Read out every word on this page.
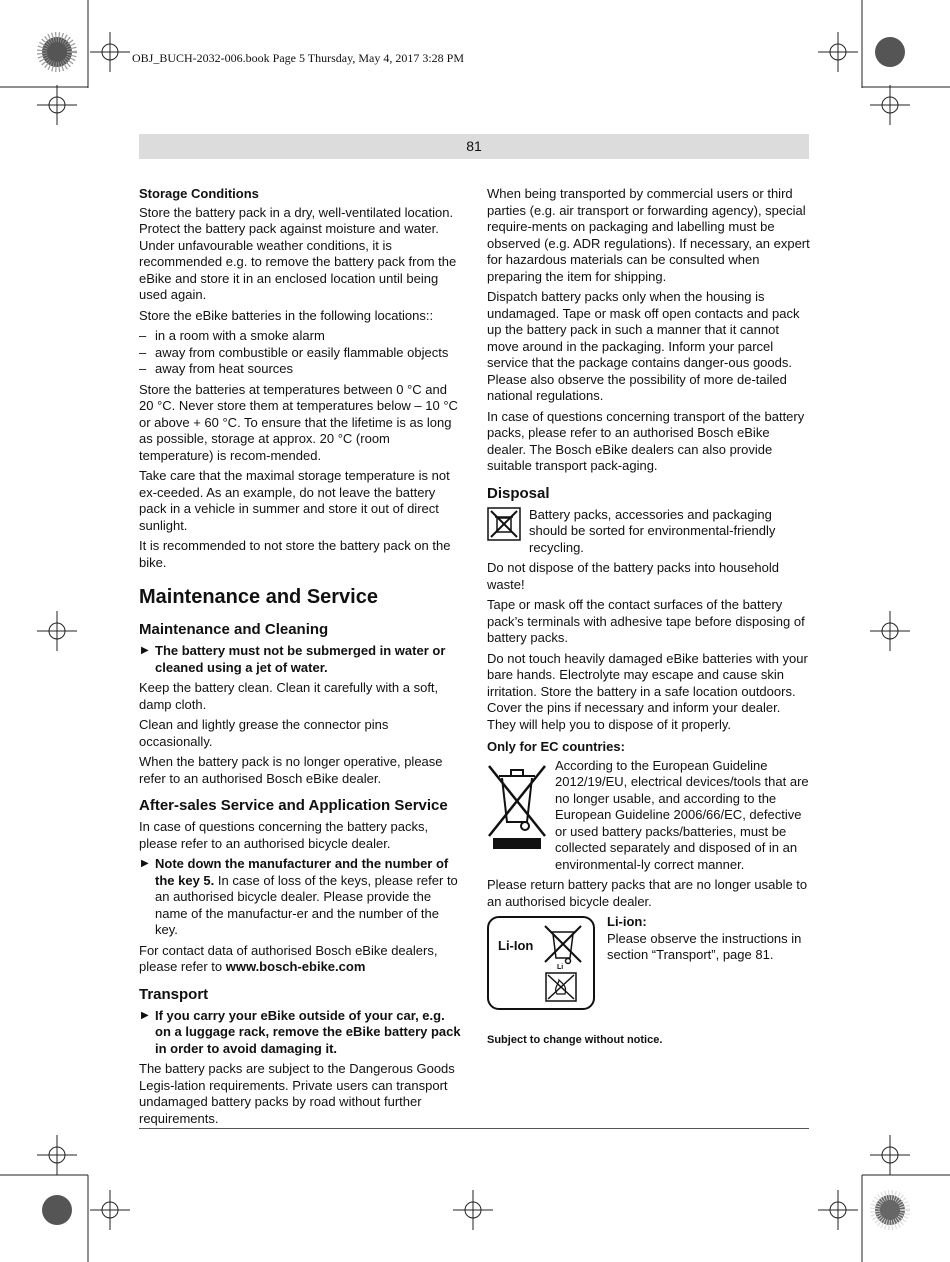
OBJ_BUCH-2032-006.book Page 5 Thursday, May 4, 2017 3:28 PM
81
Storage Conditions

Store the battery pack in a dry, well-ventilated location. Protect the battery pack against moisture and water. Under unfavourable weather conditions, it is recommended e.g. to remove the battery pack from the eBike and store it in an enclosed location until being used again.

Store the eBike batteries in the following locations::

– in a room with a smoke alarm
– away from combustible or easily flammable objects
– away from heat sources

Store the batteries at temperatures between 0 °C and 20 °C. Never store them at temperatures below – 10 °C or above + 60 °C. To ensure that the lifetime is as long as possible, storage at approx. 20 °C (room temperature) is recom-mended.

Take care that the maximal storage temperature is not ex-ceeded. As an example, do not leave the battery pack in a vehicle in summer and store it out of direct sunlight.

It is recommended to not store the battery pack on the bike.

Maintenance and Service
Maintenance and Cleaning
▶ The battery must not be submerged in water or cleaned using a jet of water.

Keep the battery clean. Clean it carefully with a soft, damp cloth.

Clean and lightly grease the connector pins occasionally.

When the battery pack is no longer operative, please refer to an authorised Bosch eBike dealer.

After-sales Service and Application Service

In case of questions concerning the battery packs, please refer to an authorised bicycle dealer.

▶ Note down the manufacturer and the number of the key 5. In case of loss of the keys, please refer to an authorised bicycle dealer. Please provide the name of the manufactur-er and the number of the key.

For contact data of authorised Bosch eBike dealers, please refer to www.bosch-ebike.com

Transport
▶ If you carry your eBike outside of your car, e.g. on a luggage rack, remove the eBike battery pack in order to avoid damaging it.

The battery packs are subject to the Dangerous Goods Legis-lation requirements. Private users can transport undamaged battery packs by road without further requirements.

When being transported by commercial users or third parties (e.g. air transport or forwarding agency), special require-ments on packaging and labelling must be observed (e.g. ADR regulations). If necessary, an expert for hazardous materials can be consulted when preparing the item for shipping.

Dispatch battery packs only when the housing is undamaged. Tape or mask off open contacts and pack up the battery pack in such a manner that it cannot move around in the packaging. Inform your parcel service that the package contains danger-ous goods. Please also observe the possibility of more de-tailed national regulations.

In case of questions concerning transport of the battery packs, please refer to an authorised Bosch eBike dealer. The Bosch eBike dealers can also provide suitable transport pack-aging.

Disposal
Battery packs, accessories and packaging should be sorted for environmental-friendly recycling.

Do not dispose of the battery packs into household waste!

Tape or mask off the contact surfaces of the battery pack’s terminals with adhesive tape before disposing of battery packs.

Do not touch heavily damaged eBike batteries with your bare hands. Electrolyte may escape and cause skin irritation. Store the battery in a safe location outdoors. Cover the pins if necessary and inform your dealer. They will help you to dispose of it properly.

Only for EC countries:
According to the European Guideline 2012/19/EU, electrical devices/tools that are no longer usable, and according to the European Guideline 2006/66/EC, defective or used battery packs/batteries, must be collected separately and disposed of in an environmental-ly correct manner.

Please return battery packs that are no longer usable to an authorised bicycle dealer.

Li-Ion
Li
Li-ion:
Please observe the instructions in section “Transport”, page 81.
Subject to change without notice.
